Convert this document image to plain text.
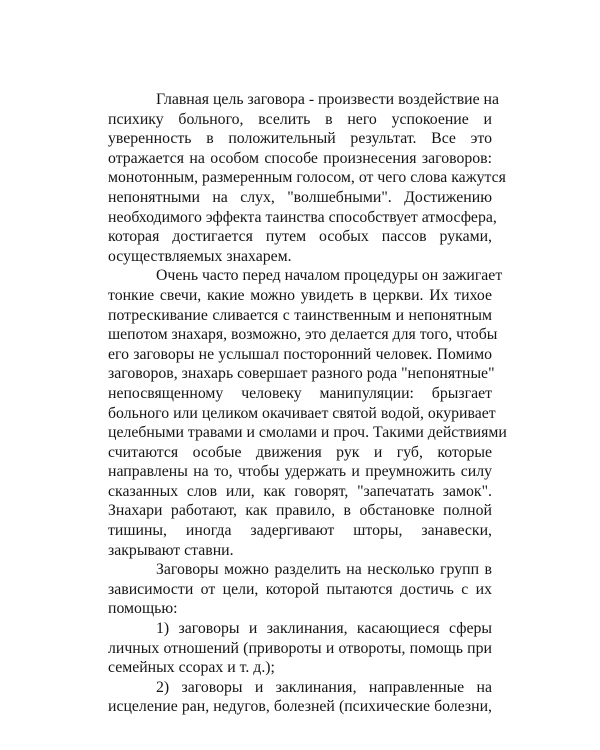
Главная цель заговора - произвести воздействие на
психику больного, вселить в него успокоение и
уверенность в положительный результат. Все это
отражается на особом способе произнесения заговоров:
монотонным, размеренным голосом, от чего слова кажутся
непонятными на слух, "волшебными". Достижению
необходимого эффекта таинства способствует атмосфера,
которая достигается путем особых пассов руками,
осуществляемых знахарем.
Очень часто перед началом процедуры он зажигает
тонкие свечи, какие можно увидеть в церкви. Их тихое
потрескивание сливается с таинственным и непонятным
шепотом знахаря, возможно, это делается для того, чтобы
его заговоры не услышал посторонний человек. Помимо
заговоров, знахарь совершает разного рода "непонятные"
непосвященному человеку манипуляции: брызгает
больного или целиком окачивает святой водой, окуривает
целебными травами и смолами и проч. Такими действиями
считаются особые движения рук и губ, которые
направлены на то, чтобы удержать и преумножить силу
сказанных слов или, как говорят, "запечатать замок".
Знахари работают, как правило, в обстановке полной
тишины, иногда задергивают шторы, занавески,
закрывают ставни.
Заговоры можно разделить на несколько групп в
зависимости от цели, которой пытаются достичь с их
помощью:
1) заговоры и заклинания, касающиеся сферы
личных отношений (привороты и отвороты, помощь при
семейных ссорах и т. д.);
2) заговоры и заклинания, направленные на
исцеление ран, недугов, болезней (психические болезни,
